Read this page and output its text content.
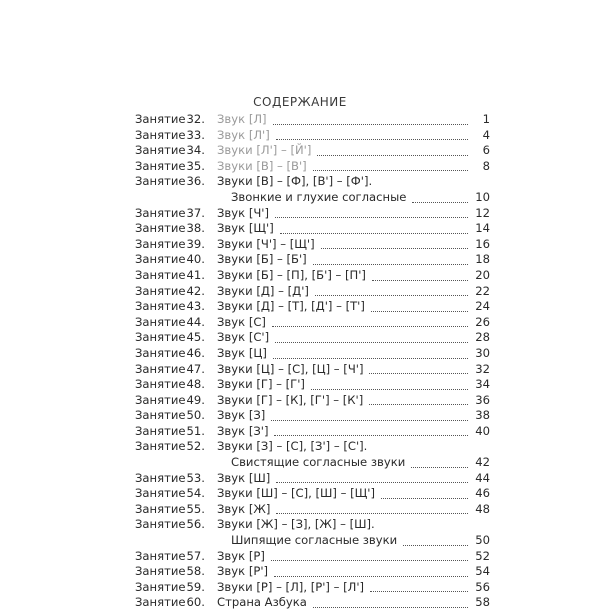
СОДЕРЖАНИЕ
Занятие 32. Звук [Л]	1
Занятие 33. Звук [Л']	4
Занятие 34. Звуки [Л'] – [Й']	6
Занятие 35. Звуки [В] – [В']	8
Занятие 36. Звуки [В] – [Ф], [В'] – [Ф'].
Звонкие и глухие согласные	10
Занятие 37. Звук [Ч']	12
Занятие 38. Звук [Щ']	14
Занятие 39. Звуки [Ч'] – [Щ']	16
Занятие 40. Звуки [Б] – [Б']	18
Занятие 41. Звуки [Б] – [П], [Б'] – [П']	20
Занятие 42. Звуки [Д] – [Д']	22
Занятие 43. Звуки [Д] – [Т], [Д'] – [Т']	24
Занятие 44. Звук [С]	26
Занятие 45. Звук [С']	28
Занятие 46. Звук [Ц]	30
Занятие 47. Звуки [Ц] – [С], [Ц] – [Ч']	32
Занятие 48. Звуки [Г] – [Г']	34
Занятие 49. Звуки [Г] – [К], [Г'] – [К']	36
Занятие 50. Звук [З]	38
Занятие 51. Звук [З']	40
Занятие 52. Звуки [З] – [С], [З'] – [С'].
Свистящие согласные звуки	42
Занятие 53. Звук [Ш]	44
Занятие 54. Звуки [Ш] – [С], [Ш] – [Щ']	46
Занятие 55. Звук [Ж]	48
Занятие 56. Звуки [Ж] – [З], [Ж] – [Ш].
Шипящие согласные звуки	50
Занятие 57. Звук [Р]	52
Занятие 58. Звук [Р']	54
Занятие 59. Звуки [Р] – [Л], [Р'] – [Л']	56
Занятие 60. Страна Азбука	58
